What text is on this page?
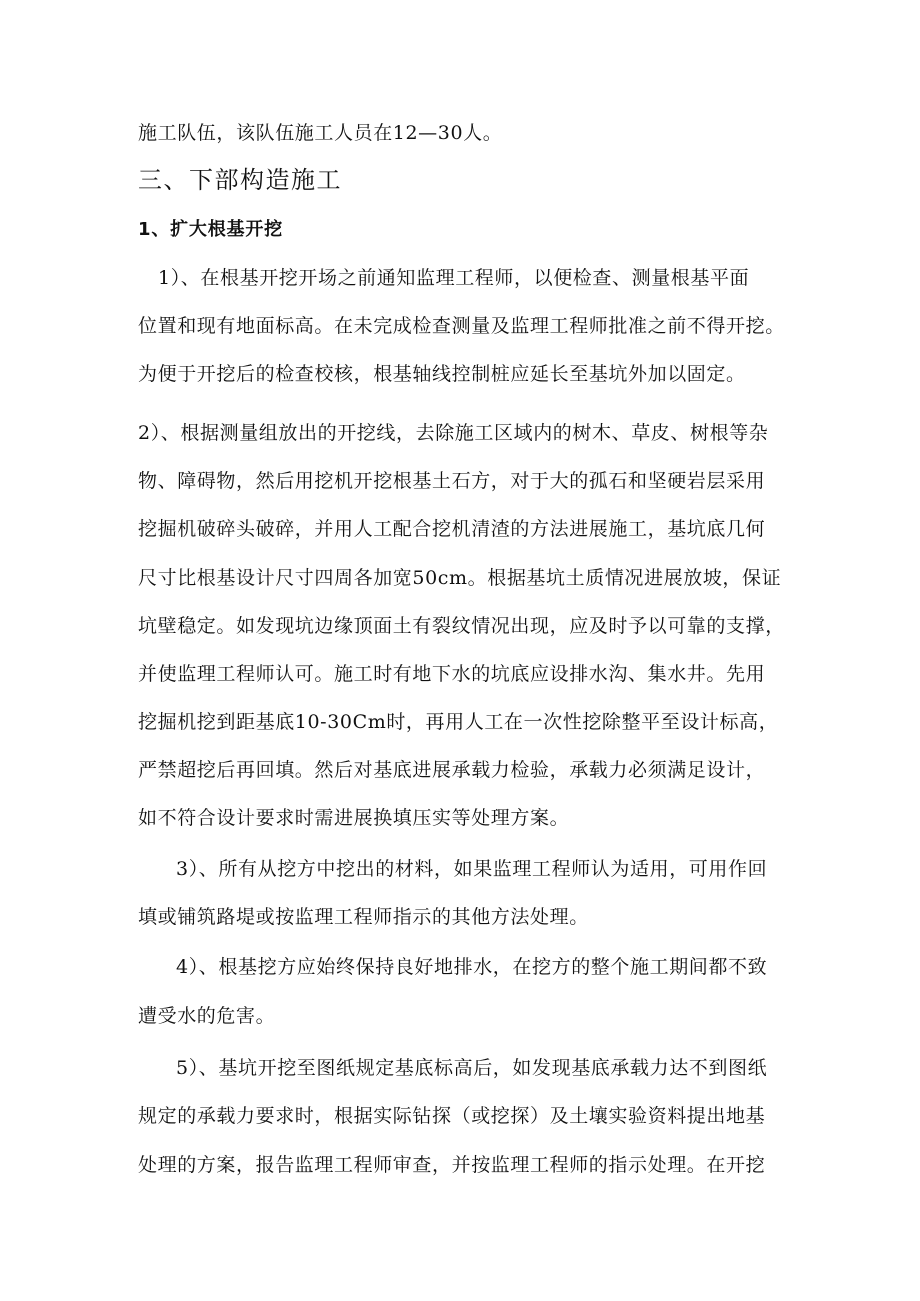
施工队伍，该队伍施工人员在12—30人。
三、下部构造施工
1、扩大根基开挖
1）、在根基开挖开场之前通知监理工程师，以便检查、测量根基平面
位置和现有地面标高。在未完成检查测量及监理工程师批准之前不得开挖。
为便于开挖后的检查校核，根基轴线控制桩应延长至基坑外加以固定。
2）、根据测量组放出的开挖线，去除施工区域内的树木、草皮、树根等杂
物、障碍物，然后用挖机开挖根基土石方，对于大的孤石和坚硬岩层采用
挖掘机破碎头破碎，并用人工配合挖机清渣的方法进展施工，基坑底几何
尺寸比根基设计尺寸四周各加宽50cm。根据基坑土质情况进展放坡，保证
坑壁稳定。如发现坑边缘顶面土有裂纹情况出现，应及时予以可靠的支撑，
并使监理工程师认可。施工时有地下水的坑底应设排水沟、集水井。先用
挖掘机挖到距基底10-30Cm时，再用人工在一次性挖除整平至设计标高，
严禁超挖后再回填。然后对基底进展承载力检验，承载力必须满足设计，
如不符合设计要求时需进展换填压实等处理方案。
3）、所有从挖方中挖出的材料，如果监理工程师认为适用，可用作回
填或铺筑路堤或按监理工程师指示的其他方法处理。
4）、根基挖方应始终保持良好地排水，在挖方的整个施工期间都不致
遭受水的危害。
5）、基坑开挖至图纸规定基底标高后，如发现基底承载力达不到图纸
规定的承载力要求时，根据实际钻探（或挖探）及土壤实验资料提出地基
处理的方案，报告监理工程师审查，并按监理工程师的指示处理。在开挖
